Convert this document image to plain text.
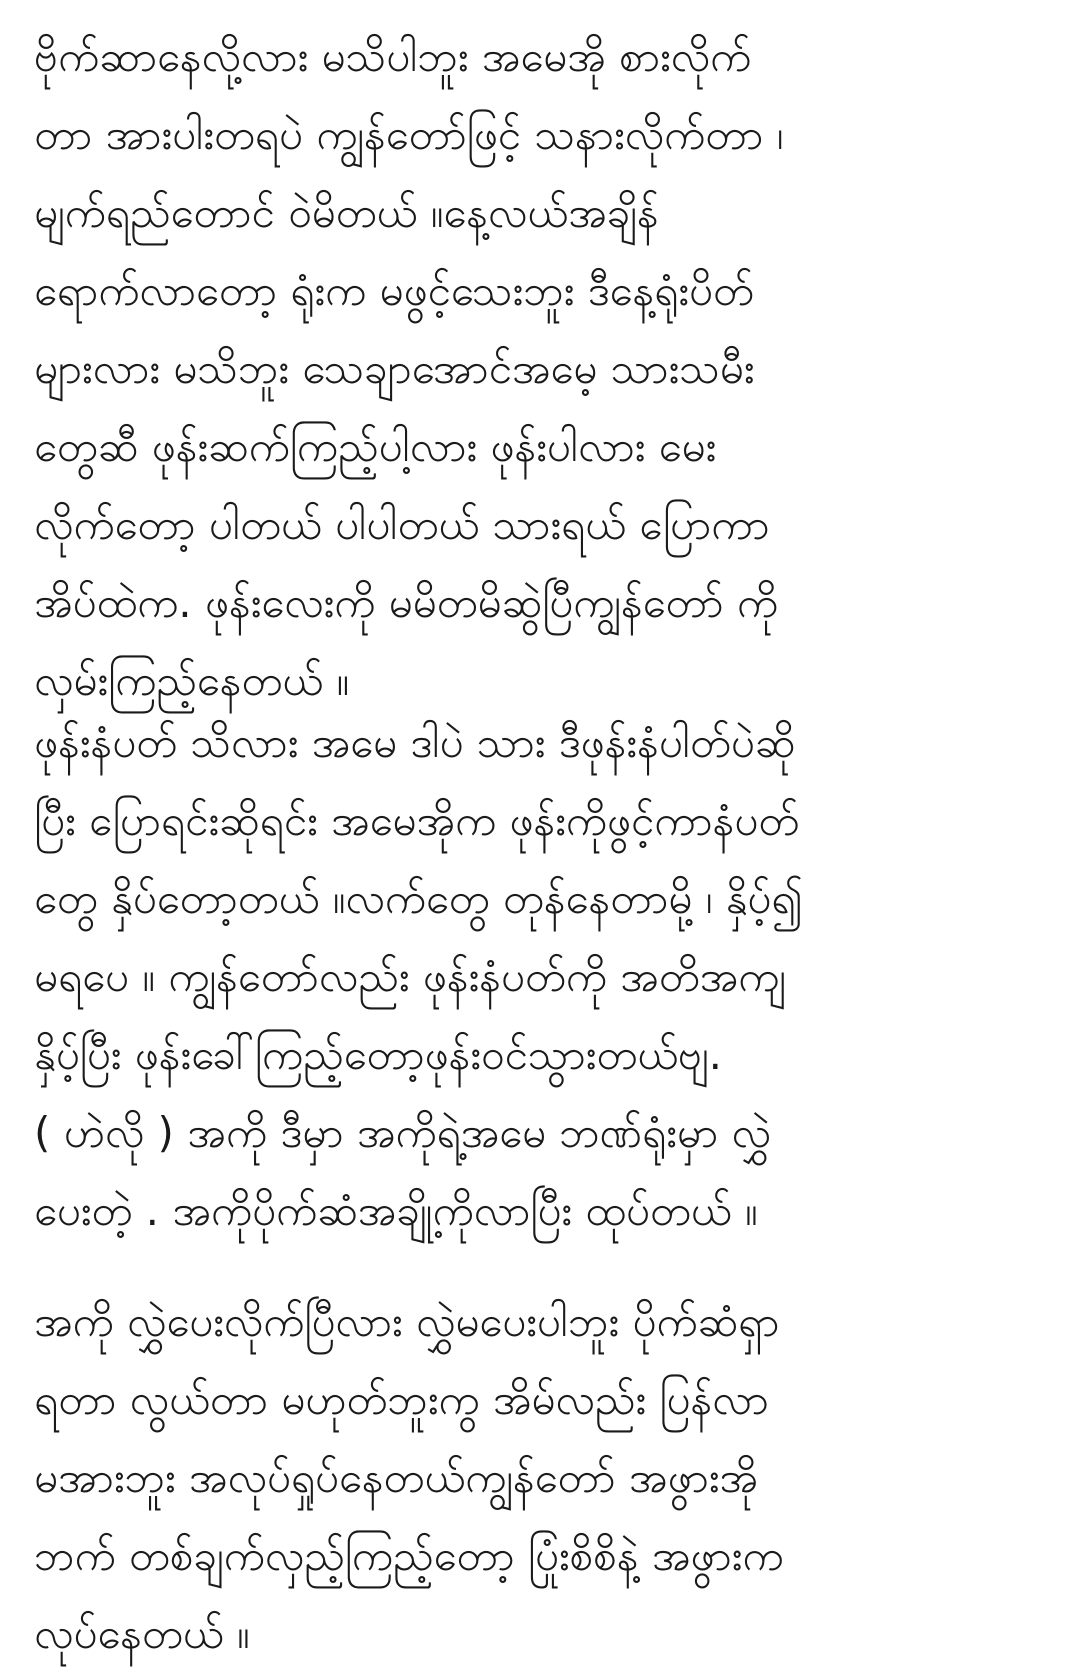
ဗိုက်ဆာနေလို့လား မသိပါဘူး အမေအို စားလိုက်
တာ အားပါးတရပဲ ကျွန်တော်ဖြင့် သနားလိုက်တာ ၊
မျက်ရည်တောင် ဝဲမိတယ် ။နေ့လယ်အချိန်
ရောက်လာတော့ ရုံးက မဖွင့်သေးဘူး ဒီနေ့ရုံးပိတ်
များလား မသိဘူး သေချာအောင်အမေ့ သားသမီး
တွေဆီ ဖုန်းဆက်ကြည့်ပါ့လား ဖုန်းပါလား မေး
လိုက်တော့ ပါတယ် ပါပါတယ် သားရယ် ပြောကာ
အိပ်ထဲက. ဖုန်းလေးကို မမိတမိဆွဲပြီကျွန်တော် ကို
လှမ်းကြည့်နေတယ် ။
ဖုန်းနံပတ် သိလား အမေ ဒါပဲ သား ဒီဖုန်းနံပါတ်ပဲဆို
ပြီး ပြောရင်းဆိုရင်း အမေအိုက ဖုန်းကိုဖွင့်ကာနံပတ်
တွေ နှိပ်တော့တယ် ။လက်တွေ တုန်နေတာမို့ ၊ နှိပ့်၍
မရပေ ။ ကျွန်တော်လည်း ဖုန်းနံပတ်ကို အတိအကျ
နှိပ့်ပြီး ဖုန်းခေါ်ကြည့်တော့ဖုန်းဝင်သွားတယ်ဗျ.
( ဟဲလို ) အကို ဒီမှာ အကိုရဲ့အမေ ဘဏ်ရုံးမှာ လွှဲ
ပေးတဲ့ . အကိုပိုက်ဆံအချို့ကိုလာပြီး ထုပ်တယ် ။
အကို လွှဲပေးလိုက်ပြီလား လွှဲမပေးပါဘူး ပိုက်ဆံရှာ
ရတာ လွယ်တာ မဟုတ်ဘူးကွ အိမ်လည်း ပြန်လာ
မအားဘူး အလုပ်ရှုပ်နေတယ်ကျွန်တော် အဖွားအို
ဘက် တစ်ချက်လှည့်ကြည့်တော့ ပြုံးစိစိနဲ့ အဖွားက
လုပ်နေတယ် ။
